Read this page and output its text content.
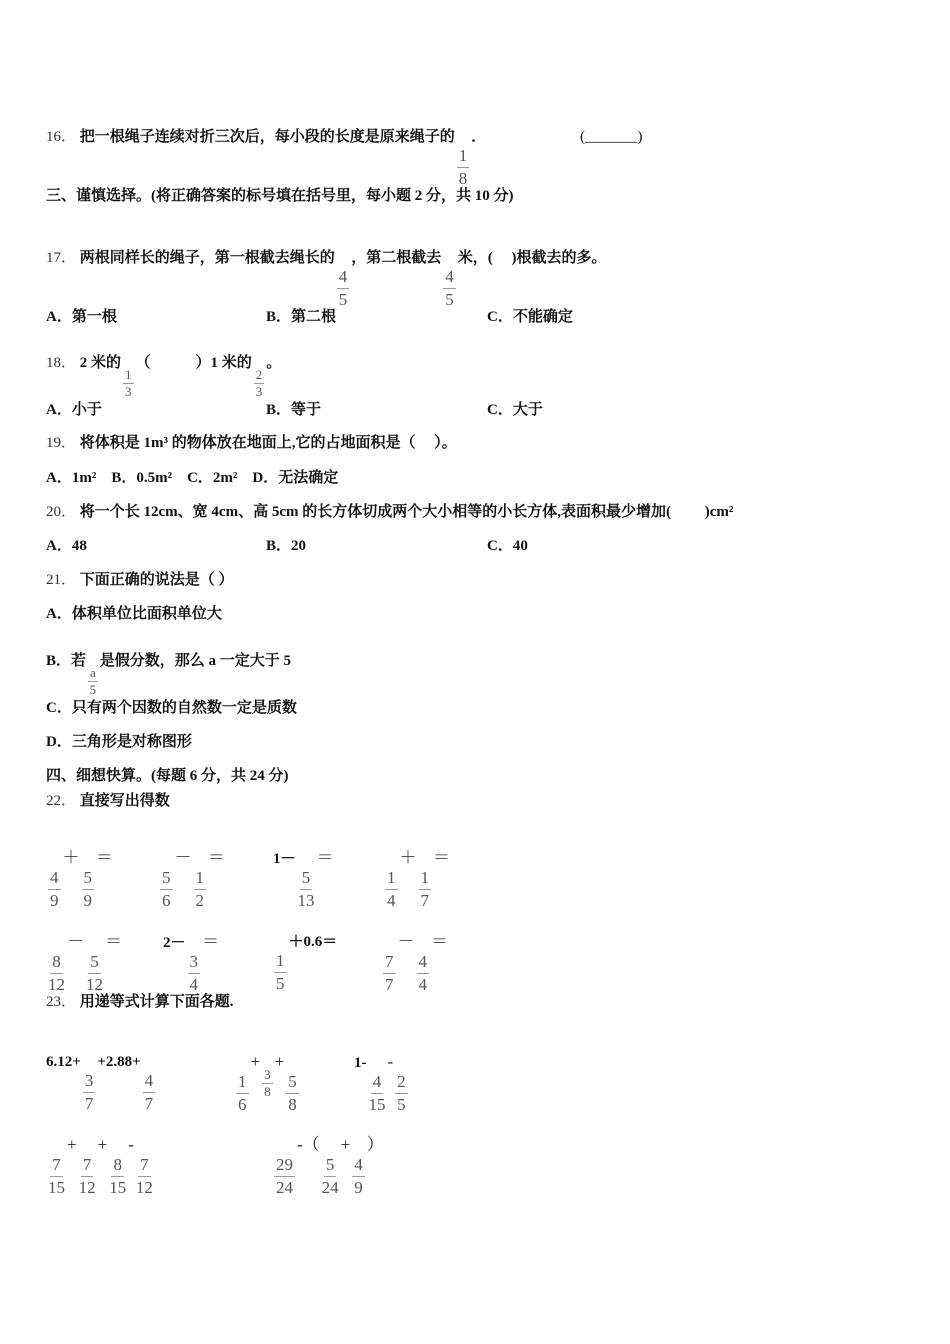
16． 把一根绳子连续对折三次后，每小段的长度是原来绳子的
$\frac{1}{8}$
．	(_______)
三、谨慎选择。(将正确答案的标号填在括号里，每小题 2 分，共 10 分)
17． 两根同样长的绳子，第一根截去绳长的
$\frac{4}{5}$
，第二根截去
$\frac{4}{5}$
米，(　 )根截去的多。
A．第一根	B．第二根	C．不能确定
18． 2 米的
$\frac{1}{3}$
（　　　）1 米的
$\frac{2}{3}$
。
A．小于	B．等于	C．大于
19． 将体积是 1m³ 的物体放在地面上,它的占地面积是（　 ）。
A．1m²　B．0.5m²　C．2m²　D．无法确定
20． 将一个长 12cm、宽 4cm、高 5cm 的长方体切成两个大小相等的小长方体,表面积最少增加(　　 )cm²
A．48	B．20	C．40
21． 下面正确的说法是（ ）
A．体积单位比面积单位大
B．若
$\frac{a}{5}$
是假分数，那么 a 一定大于 5
C．只有两个因数的自然数一定是质数
D．三角形是对称图形
四、细想快算。(每题 6 分，共 24 分)
22． 直接写出得数
$\frac{4}{9}$
＋
$\frac{5}{9}$
＝
$\frac{5}{6}$
－
$\frac{1}{2}$
＝	1－
$\frac{5}{13}$
＝
$\frac{1}{4}$
＋
$\frac{1}{7}$
＝
$\frac{8}{12}$
－
$\frac{5}{12}$
＝	2－
$\frac{3}{4}$
＝
$\frac{1}{5}$
＋0.6＝
$\frac{7}{7}$
－
$\frac{4}{4}$
＝
23． 用递等式计算下面各题.
6.12+
$\frac{3}{7}$
+2.88+
$\frac{4}{7}$	$\frac{1}{6}$
+
$\frac{3}{8}$
+
$\frac{5}{8}$
1-
$\frac{4}{15}$
-
$\frac{2}{5}$
$\frac{7}{15}$
+
$\frac{7}{12}$
+
$\frac{8}{15}$
-
$\frac{7}{12}$	$\frac{29}{24}$
-（
$\frac{5}{24}$
+
$\frac{4}{9}$
）
